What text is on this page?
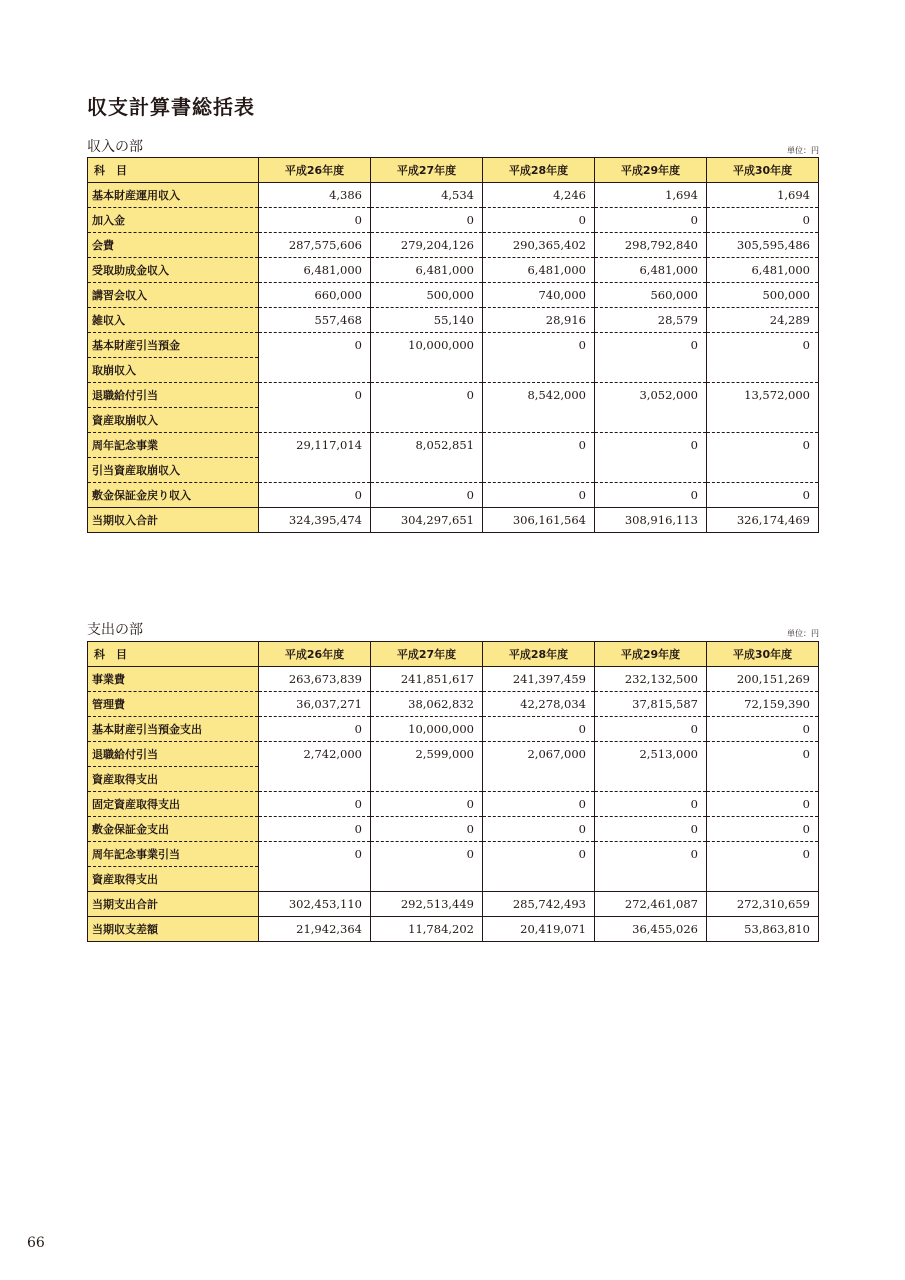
収支計算書総括表
収入の部	単位：円
科　目	平成26年度	平成27年度	平成28年度	平成29年度	平成30年度
基本財産運用収入	4,386	4,534	4,246	1,694	1,694
加入金	0	0	0	0	0
会費	287,575,606	279,204,126	290,365,402	298,792,840	305,595,486
受取助成金収入	6,481,000	6,481,000	6,481,000	6,481,000	6,481,000
講習会収入	660,000	500,000	740,000	560,000	500,000
雑収入	557,468	55,140	28,916	28,579	24,289
基本財産引当預金	0	10,000,000	0	0	0
取崩収入					
退職給付引当	0	0	8,542,000	3,052,000	13,572,000
資産取崩収入					
周年記念事業	29,117,014	8,052,851	0	0	0
引当資産取崩収入					
敷金保証金戻り収入	0	0	0	0	0
当期収入合計	324,395,474	304,297,651	306,161,564	308,916,113	326,174,469
支出の部	単位：円
科　目	平成26年度	平成27年度	平成28年度	平成29年度	平成30年度
事業費	263,673,839	241,851,617	241,397,459	232,132,500	200,151,269
管理費	36,037,271	38,062,832	42,278,034	37,815,587	72,159,390
基本財産引当預金支出	0	10,000,000	0	0	0
退職給付引当	2,742,000	2,599,000	2,067,000	2,513,000	0
資産取得支出					
固定資産取得支出	0	0	0	0	0
敷金保証金支出	0	0	0	0	0
周年記念事業引当	0	0	0	0	0
資産取得支出					
当期支出合計	302,453,110	292,513,449	285,742,493	272,461,087	272,310,659
当期収支差額	21,942,364	11,784,202	20,419,071	36,455,026	53,863,810
66
